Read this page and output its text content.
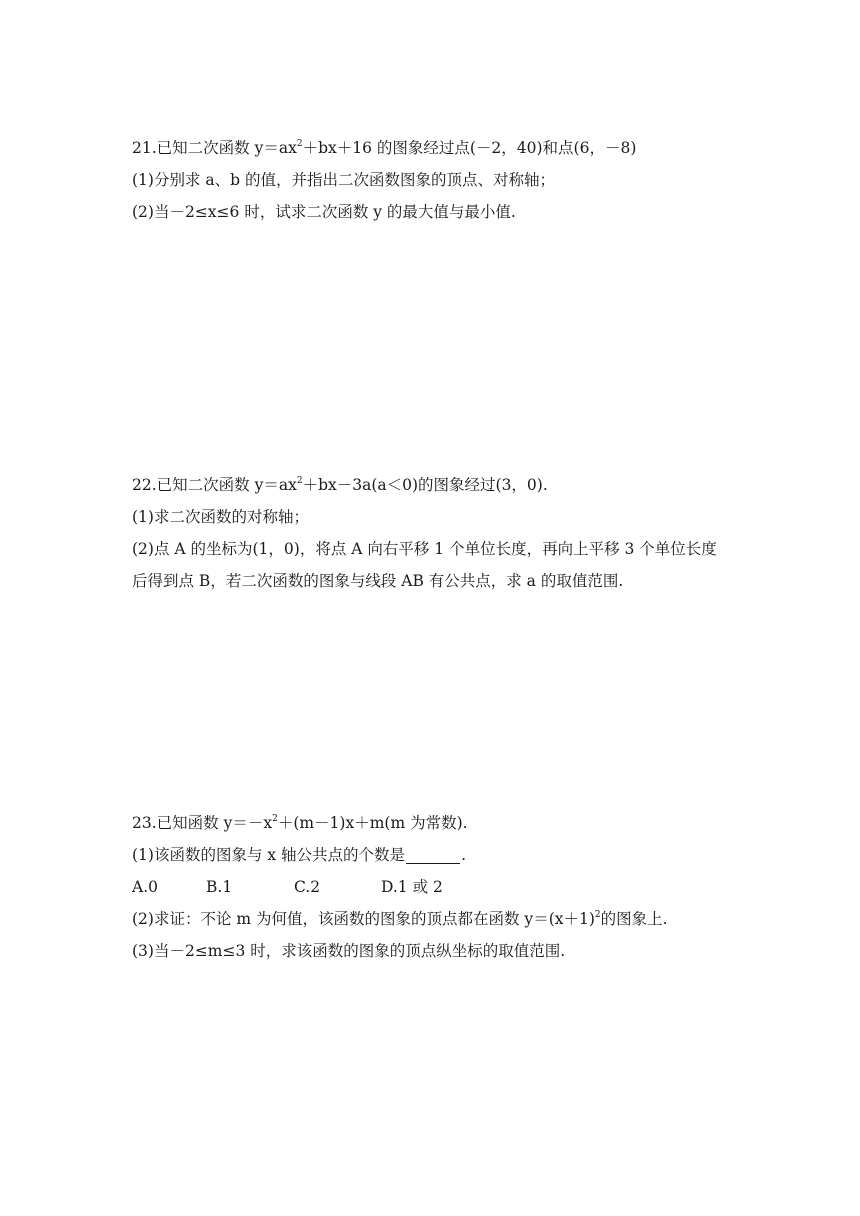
21.已知二次函数 $y=ax^2+bx+16$ 的图象经过点(－2，40)和点(6，－8)
(1)分别求 a、b 的值，并指出二次函数图象的顶点、对称轴；
(2)当－2≤x≤6 时，试求二次函数 y 的最大值与最小值.
22.已知二次函数 $y=ax^2+bx-3a(a<0)$的图象经过(3，0).
(1)求二次函数的对称轴；
(2)点 A 的坐标为(1，0)，将点 A 向右平移 1 个单位长度，再向上平移 3 个单位长度
后得到点 B，若二次函数的图象与线段 AB 有公共点，求 a 的取值范围.
23.已知函数 $y=-x^2+(m-1)x+m(m$ 为常数).
(1)该函数的图象与 x 轴公共点的个数是	.
A.0	B.1	C.2	D.1 或 2
(2)求证：不论 m 为何值，该函数的图象的顶点都在函数 $y=(x+1)^2$的图象上.
(3)当－2≤m≤3 时，求该函数的图象的顶点纵坐标的取值范围.
